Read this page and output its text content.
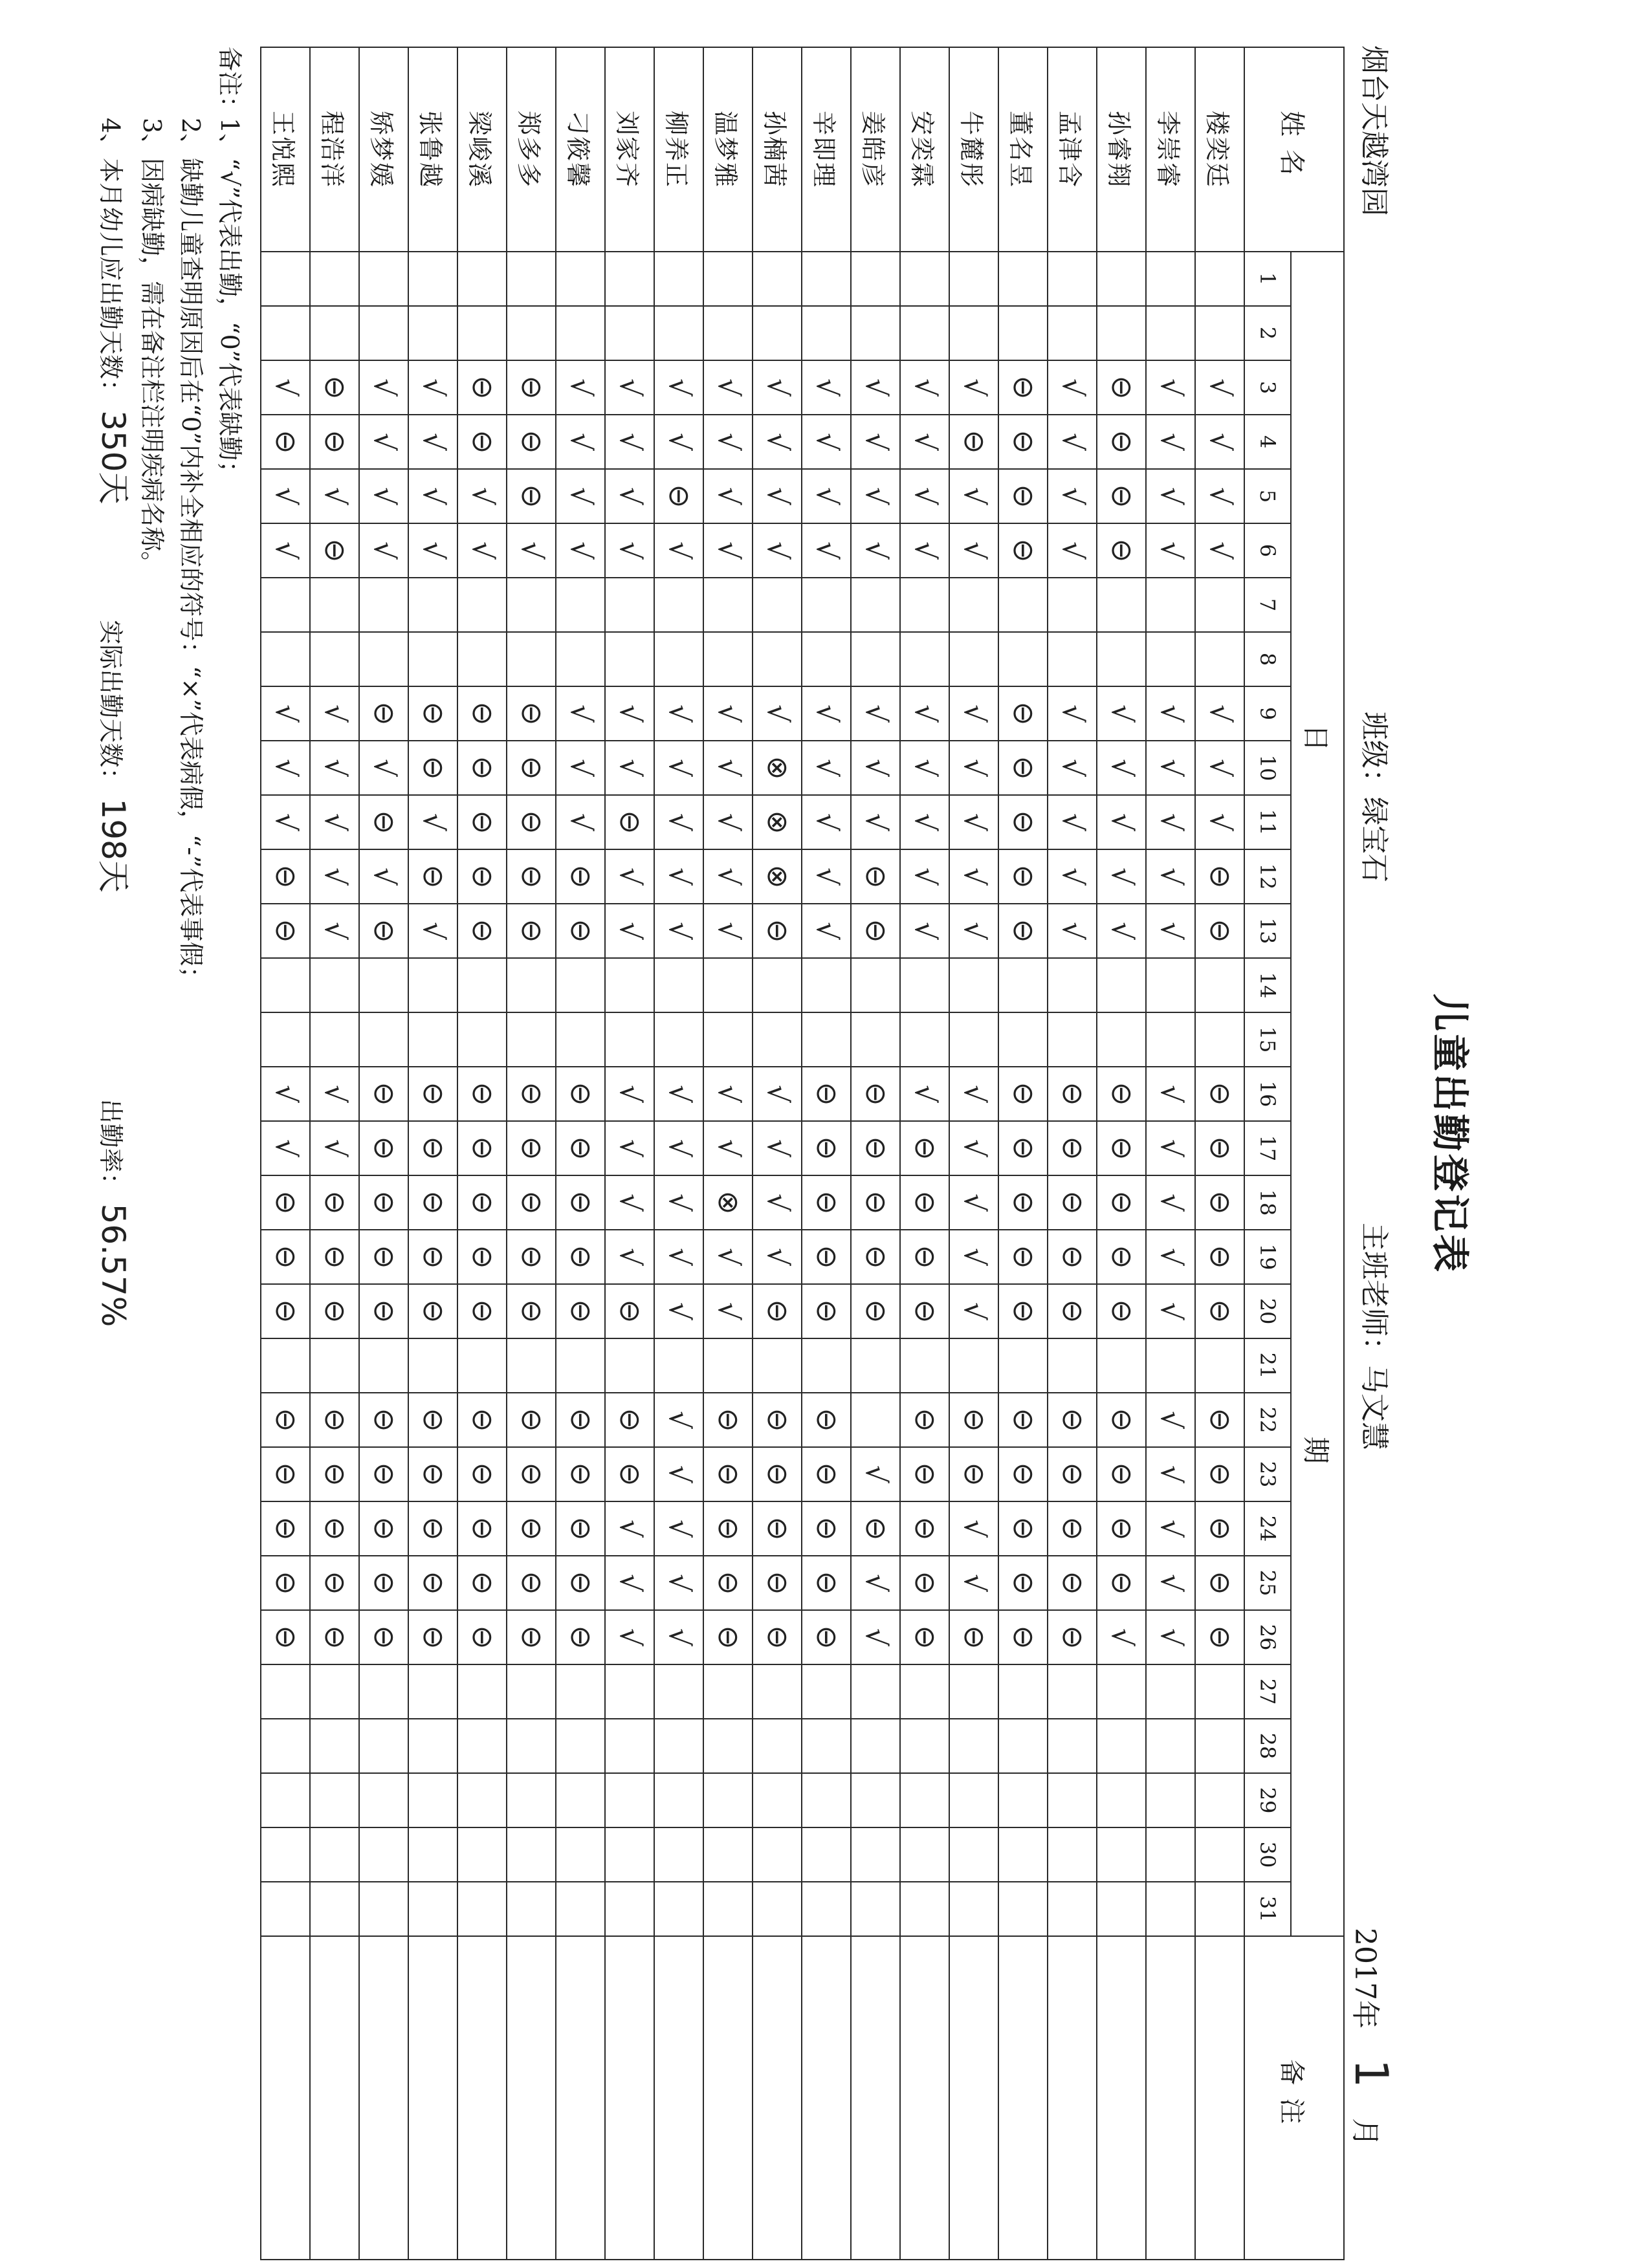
儿童出勤登记表
烟台天越湾园
班级：绿宝石
主班老师：马文慧
2017年 1 月
姓名	日
期																															备注
	1	2	3	4	5	6	7	8	9	10	11	12	13	14	15	16	17	18	19	20	21	22	23	24	25	26	27	28	29	30	31	
楼奕廷			√	√	√	√			√	√	√	⊖	⊖			⊖	⊖	⊖	⊖	⊖		⊖	⊖	⊖	⊖	⊖						
李崇睿			√	√	√	√			√	√	√	√	√			√	√	√	√	√		√	√	√	√	√						
孙睿翔			⊖	⊖	⊖	⊖			√	√	√	√	√			⊖	⊖	⊖	⊖	⊖		⊖	⊖	⊖	⊖	√						
孟津含			√	√	√	√			√	√	√	√	√			⊖	⊖	⊖	⊖	⊖		⊖	⊖	⊖	⊖	⊖						
董名昱			⊖	⊖	⊖	⊖			⊖	⊖	⊖	⊖	⊖			⊖	⊖	⊖	⊖	⊖		⊖	⊖	⊖	⊖	⊖						
牛麓彤			√	⊖	√	√			√	√	√	√	√			√	√	√	√	√		⊖	⊖	√	√	⊖						
安奕霖			√	√	√	√			√	√	√	√	√			√	⊖	⊖	⊖	⊖		⊖	⊖	⊖	⊖	⊖						
姜皓彦			√	√	√	√			√	√	√	⊖	⊖			⊖	⊖	⊖	⊖	⊖			√	⊖	√	√						
辛即理			√	√	√	√			√	√	√	√	√			⊖	⊖	⊖	⊖	⊖		⊖	⊖	⊖	⊖	⊖						
孙楠茜			√	√	√	√			√	⊗	⊗	⊗	⊖			√	√	√	√	⊖		⊖	⊖	⊖	⊖	⊖						
温梦雅			√	√	√	√			√	√	√	√	√			√	√	⊗	√	√		⊖	⊖	⊖	⊖	⊖						
柳养正			√	√	⊖	√			√	√	√	√	√			√	√	√	√	√		√	√	√	√	√						
刘家齐			√	√	√	√			√	√	⊖	√	√			√	√	√	√	⊖		⊖	⊖	√	√	√						
刁筱馨			√	√	√	√			√	√	√	⊖	⊖			⊖	⊖	⊖	⊖	⊖		⊖	⊖	⊖	⊖	⊖						
郑多多			⊖	⊖	⊖	√			⊖	⊖	⊖	⊖	⊖			⊖	⊖	⊖	⊖	⊖		⊖	⊖	⊖	⊖	⊖						
梁峻溪			⊖	⊖	√	√			⊖	⊖	⊖	⊖	⊖			⊖	⊖	⊖	⊖	⊖		⊖	⊖	⊖	⊖	⊖						
张鲁越			√	√	√	√			⊖	⊖	√	⊖	√			⊖	⊖	⊖	⊖	⊖		⊖	⊖	⊖	⊖	⊖						
矫梦媛			√	√	√	√			⊖	√	⊖	√	⊖			⊖	⊖	⊖	⊖	⊖		⊖	⊖	⊖	⊖	⊖						
程浩洋			⊖	⊖	√	⊖			√	√	√	√	√			√	√	⊖	⊖	⊖		⊖	⊖	⊖	⊖	⊖						
王悦熙			√	⊖	√	√			√	√	√	⊖	⊖			√	√	⊖	⊖	⊖		⊖	⊖	⊖	⊖	⊖						
备注：1、“√”代表出勤，“0”代表缺勤；
2、缺勤儿童查明原因后在“0”内补全相应的符号：“×”代表病假，“-”代表事假；
3、因病缺勤，需在备注栏注明疾病名称。
4、本月幼儿应出勤天数：350天  实际出勤天数：198天  出勤率：56.57%
